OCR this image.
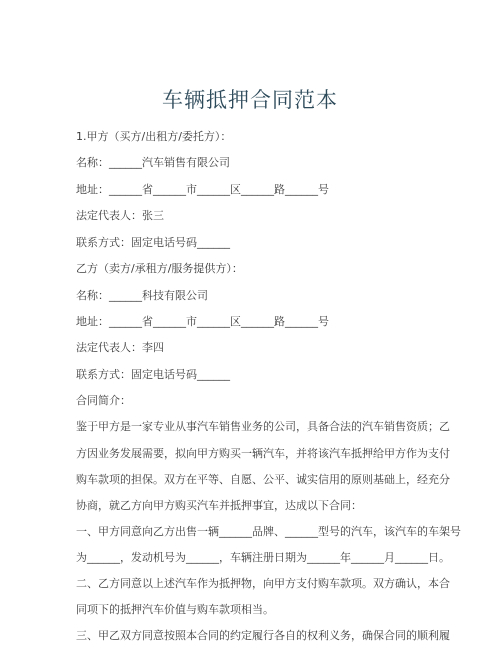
车辆抵押合同范本
1.甲方（买方/出租方/委托方）：
名称：______汽车销售有限公司
地址：______省______市______区______路______号
法定代表人：张三
联系方式：固定电话号码______
乙方（卖方/承租方/服务提供方）：
名称：______科技有限公司
地址：______省______市______区______路______号
法定代表人：李四
联系方式：固定电话号码______
合同简介：
鉴于甲方是一家专业从事汽车销售业务的公司，具备合法的汽车销售资质；乙
方因业务发展需要，拟向甲方购买一辆汽车，并将该汽车抵押给甲方作为支付
购车款项的担保。双方在平等、自愿、公平、诚实信用的原则基础上，经充分
协商，就乙方向甲方购买汽车并抵押事宜，达成以下合同：
一、甲方同意向乙方出售一辆______品牌、______型号的汽车，该汽车的车架号
为______，发动机号为______，车辆注册日期为______年______月______日。
二、乙方同意以上述汽车作为抵押物，向甲方支付购车款项。双方确认，本合
同项下的抵押汽车价值与购车款项相当。
三、甲乙双方同意按照本合同的约定履行各自的权利义务，确保合同的顺利履
